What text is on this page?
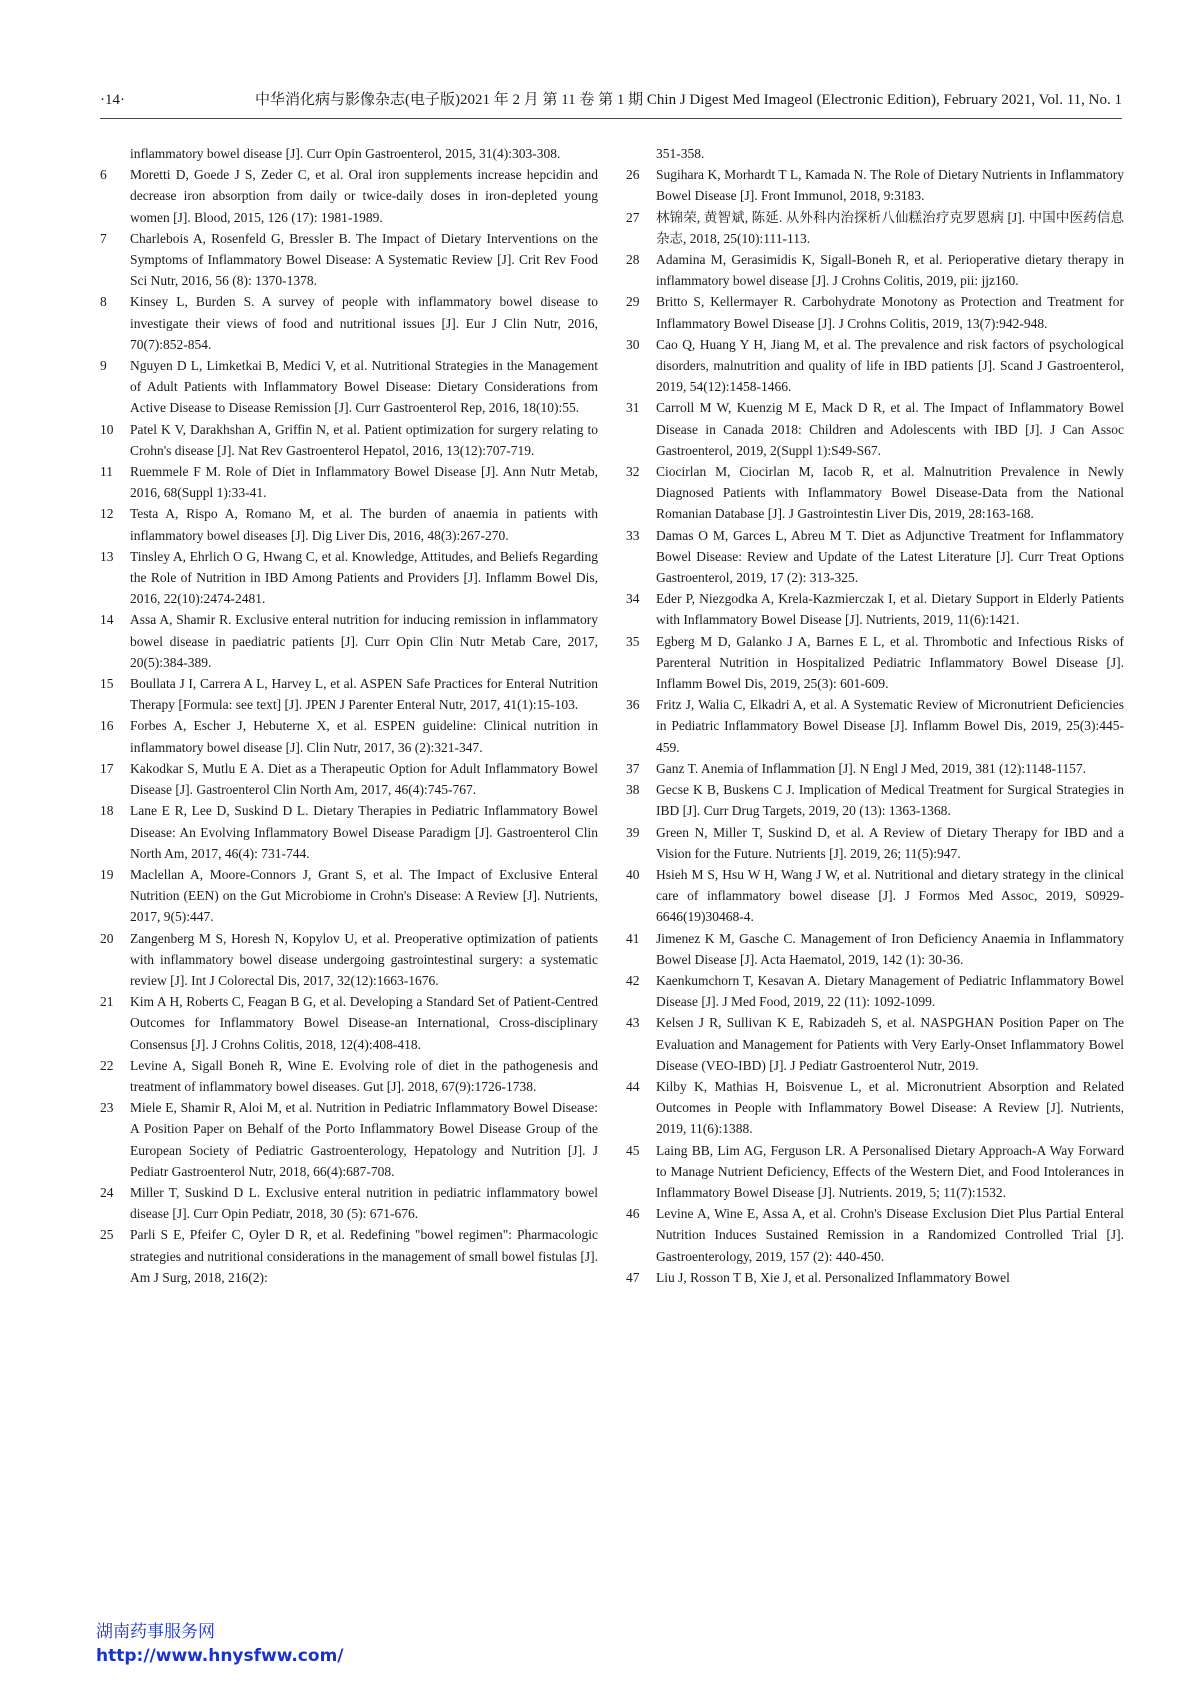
·14·	中华消化病与影像杂志(电子版)2021 年 2 月 第 11 卷 第 1 期 Chin J Digest Med Imageol (Electronic Edition), February 2021, Vol. 11, No. 1
inflammatory bowel disease [J]. Curr Opin Gastroenterol, 2015, 31(4):303-308.
6	Moretti D, Goede J S, Zeder C, et al. Oral iron supplements increase hepcidin and decrease iron absorption from daily or twice-daily doses in iron-depleted young women [J]. Blood, 2015, 126 (17): 1981-1989.
7	Charlebois A, Rosenfeld G, Bressler B. The Impact of Dietary Interventions on the Symptoms of Inflammatory Bowel Disease: A Systematic Review [J]. Crit Rev Food Sci Nutr, 2016, 56 (8): 1370-1378.
8	Kinsey L, Burden S. A survey of people with inflammatory bowel disease to investigate their views of food and nutritional issues [J]. Eur J Clin Nutr, 2016, 70(7):852-854.
9	Nguyen D L, Limketkai B, Medici V, et al. Nutritional Strategies in the Management of Adult Patients with Inflammatory Bowel Disease: Dietary Considerations from Active Disease to Disease Remission [J]. Curr Gastroenterol Rep, 2016, 18(10):55.
10	Patel K V, Darakhshan A, Griffin N, et al. Patient optimization for surgery relating to Crohn's disease [J]. Nat Rev Gastroenterol Hepatol, 2016, 13(12):707-719.
11	Ruemmele F M. Role of Diet in Inflammatory Bowel Disease [J]. Ann Nutr Metab, 2016, 68(Suppl 1):33-41.
12	Testa A, Rispo A, Romano M, et al. The burden of anaemia in patients with inflammatory bowel diseases [J]. Dig Liver Dis, 2016, 48(3):267-270.
13	Tinsley A, Ehrlich O G, Hwang C, et al. Knowledge, Attitudes, and Beliefs Regarding the Role of Nutrition in IBD Among Patients and Providers [J]. Inflamm Bowel Dis, 2016, 22(10):2474-2481.
14	Assa A, Shamir R. Exclusive enteral nutrition for inducing remission in inflammatory bowel disease in paediatric patients [J]. Curr Opin Clin Nutr Metab Care, 2017, 20(5):384-389.
15	Boullata J I, Carrera A L, Harvey L, et al. ASPEN Safe Practices for Enteral Nutrition Therapy [Formula: see text] [J]. JPEN J Parenter Enteral Nutr, 2017, 41(1):15-103.
16	Forbes A, Escher J, Hebuterne X, et al. ESPEN guideline: Clinical nutrition in inflammatory bowel disease [J]. Clin Nutr, 2017, 36 (2):321-347.
17	Kakodkar S, Mutlu E A. Diet as a Therapeutic Option for Adult Inflammatory Bowel Disease [J]. Gastroenterol Clin North Am, 2017, 46(4):745-767.
18	Lane E R, Lee D, Suskind D L. Dietary Therapies in Pediatric Inflammatory Bowel Disease: An Evolving Inflammatory Bowel Disease Paradigm [J]. Gastroenterol Clin North Am, 2017, 46(4): 731-744.
19	Maclellan A, Moore-Connors J, Grant S, et al. The Impact of Exclusive Enteral Nutrition (EEN) on the Gut Microbiome in Crohn's Disease: A Review [J]. Nutrients, 2017, 9(5):447.
20	Zangenberg M S, Horesh N, Kopylov U, et al. Preoperative optimization of patients with inflammatory bowel disease undergoing gastrointestinal surgery: a systematic review [J]. Int J Colorectal Dis, 2017, 32(12):1663-1676.
21	Kim A H, Roberts C, Feagan B G, et al. Developing a Standard Set of Patient-Centred Outcomes for Inflammatory Bowel Disease-an International, Cross-disciplinary Consensus [J]. J Crohns Colitis, 2018, 12(4):408-418.
22	Levine A, Sigall Boneh R, Wine E. Evolving role of diet in the pathogenesis and treatment of inflammatory bowel diseases. Gut [J]. 2018, 67(9):1726-1738.
23	Miele E, Shamir R, Aloi M, et al. Nutrition in Pediatric Inflammatory Bowel Disease: A Position Paper on Behalf of the Porto Inflammatory Bowel Disease Group of the European Society of Pediatric Gastroenterology, Hepatology and Nutrition [J]. J Pediatr Gastroenterol Nutr, 2018, 66(4):687-708.
24	Miller T, Suskind D L. Exclusive enteral nutrition in pediatric inflammatory bowel disease [J]. Curr Opin Pediatr, 2018, 30 (5): 671-676.
25	Parli S E, Pfeifer C, Oyler D R, et al. Redefining "bowel regimen": Pharmacologic strategies and nutritional considerations in the management of small bowel fistulas [J]. Am J Surg, 2018, 216(2):
351-358.
26	Sugihara K, Morhardt T L, Kamada N. The Role of Dietary Nutrients in Inflammatory Bowel Disease [J]. Front Immunol, 2018, 9:3183.
27	林锦荣, 黄智斌, 陈延. 从外科内治探析八仙糕治疗克罗恩病 [J]. 中国中医药信息杂志, 2018, 25(10):111-113.
28	Adamina M, Gerasimidis K, Sigall-Boneh R, et al. Perioperative dietary therapy in inflammatory bowel disease [J]. J Crohns Colitis, 2019, pii: jjz160.
29	Britto S, Kellermayer R. Carbohydrate Monotony as Protection and Treatment for Inflammatory Bowel Disease [J]. J Crohns Colitis, 2019, 13(7):942-948.
30	Cao Q, Huang Y H, Jiang M, et al. The prevalence and risk factors of psychological disorders, malnutrition and quality of life in IBD patients [J]. Scand J Gastroenterol, 2019, 54(12):1458-1466.
31	Carroll M W, Kuenzig M E, Mack D R, et al. The Impact of Inflammatory Bowel Disease in Canada 2018: Children and Adolescents with IBD [J]. J Can Assoc Gastroenterol, 2019, 2(Suppl 1):S49-S67.
32	Ciocirlan M, Ciocirlan M, Iacob R, et al. Malnutrition Prevalence in Newly Diagnosed Patients with Inflammatory Bowel Disease-Data from the National Romanian Database [J]. J Gastrointestin Liver Dis, 2019, 28:163-168.
33	Damas O M, Garces L, Abreu M T. Diet as Adjunctive Treatment for Inflammatory Bowel Disease: Review and Update of the Latest Literature [J]. Curr Treat Options Gastroenterol, 2019, 17 (2): 313-325.
34	Eder P, Niezgodka A, Krela-Kazmierczak I, et al. Dietary Support in Elderly Patients with Inflammatory Bowel Disease [J]. Nutrients, 2019, 11(6):1421.
35	Egberg M D, Galanko J A, Barnes E L, et al. Thrombotic and Infectious Risks of Parenteral Nutrition in Hospitalized Pediatric Inflammatory Bowel Disease [J]. Inflamm Bowel Dis, 2019, 25(3): 601-609.
36	Fritz J, Walia C, Elkadri A, et al. A Systematic Review of Micronutrient Deficiencies in Pediatric Inflammatory Bowel Disease [J]. Inflamm Bowel Dis, 2019, 25(3):445-459.
37	Ganz T. Anemia of Inflammation [J]. N Engl J Med, 2019, 381 (12):1148-1157.
38	Gecse K B, Buskens C J. Implication of Medical Treatment for Surgical Strategies in IBD [J]. Curr Drug Targets, 2019, 20 (13): 1363-1368.
39	Green N, Miller T, Suskind D, et al. A Review of Dietary Therapy for IBD and a Vision for the Future. Nutrients [J]. 2019, 26; 11(5):947.
40	Hsieh M S, Hsu W H, Wang J W, et al. Nutritional and dietary strategy in the clinical care of inflammatory bowel disease [J]. J Formos Med Assoc, 2019, S0929-6646(19)30468-4.
41	Jimenez K M, Gasche C. Management of Iron Deficiency Anaemia in Inflammatory Bowel Disease [J]. Acta Haematol, 2019, 142 (1): 30-36.
42	Kaenkumchorn T, Kesavan A. Dietary Management of Pediatric Inflammatory Bowel Disease [J]. J Med Food, 2019, 22 (11): 1092-1099.
43	Kelsen J R, Sullivan K E, Rabizadeh S, et al. NASPGHAN Position Paper on The Evaluation and Management for Patients with Very Early-Onset Inflammatory Bowel Disease (VEO-IBD) [J]. J Pediatr Gastroenterol Nutr, 2019.
44	Kilby K, Mathias H, Boisvenue L, et al. Micronutrient Absorption and Related Outcomes in People with Inflammatory Bowel Disease: A Review [J]. Nutrients, 2019, 11(6):1388.
45	Laing BB, Lim AG, Ferguson LR. A Personalised Dietary Approach-A Way Forward to Manage Nutrient Deficiency, Effects of the Western Diet, and Food Intolerances in Inflammatory Bowel Disease [J]. Nutrients. 2019, 5; 11(7):1532.
46	Levine A, Wine E, Assa A, et al. Crohn's Disease Exclusion Diet Plus Partial Enteral Nutrition Induces Sustained Remission in a Randomized Controlled Trial [J]. Gastroenterology, 2019, 157 (2): 440-450.
47	Liu J, Rosson T B, Xie J, et al. Personalized Inflammatory Bowel
湖南药事服务网
http://www.hnysfww.com/
